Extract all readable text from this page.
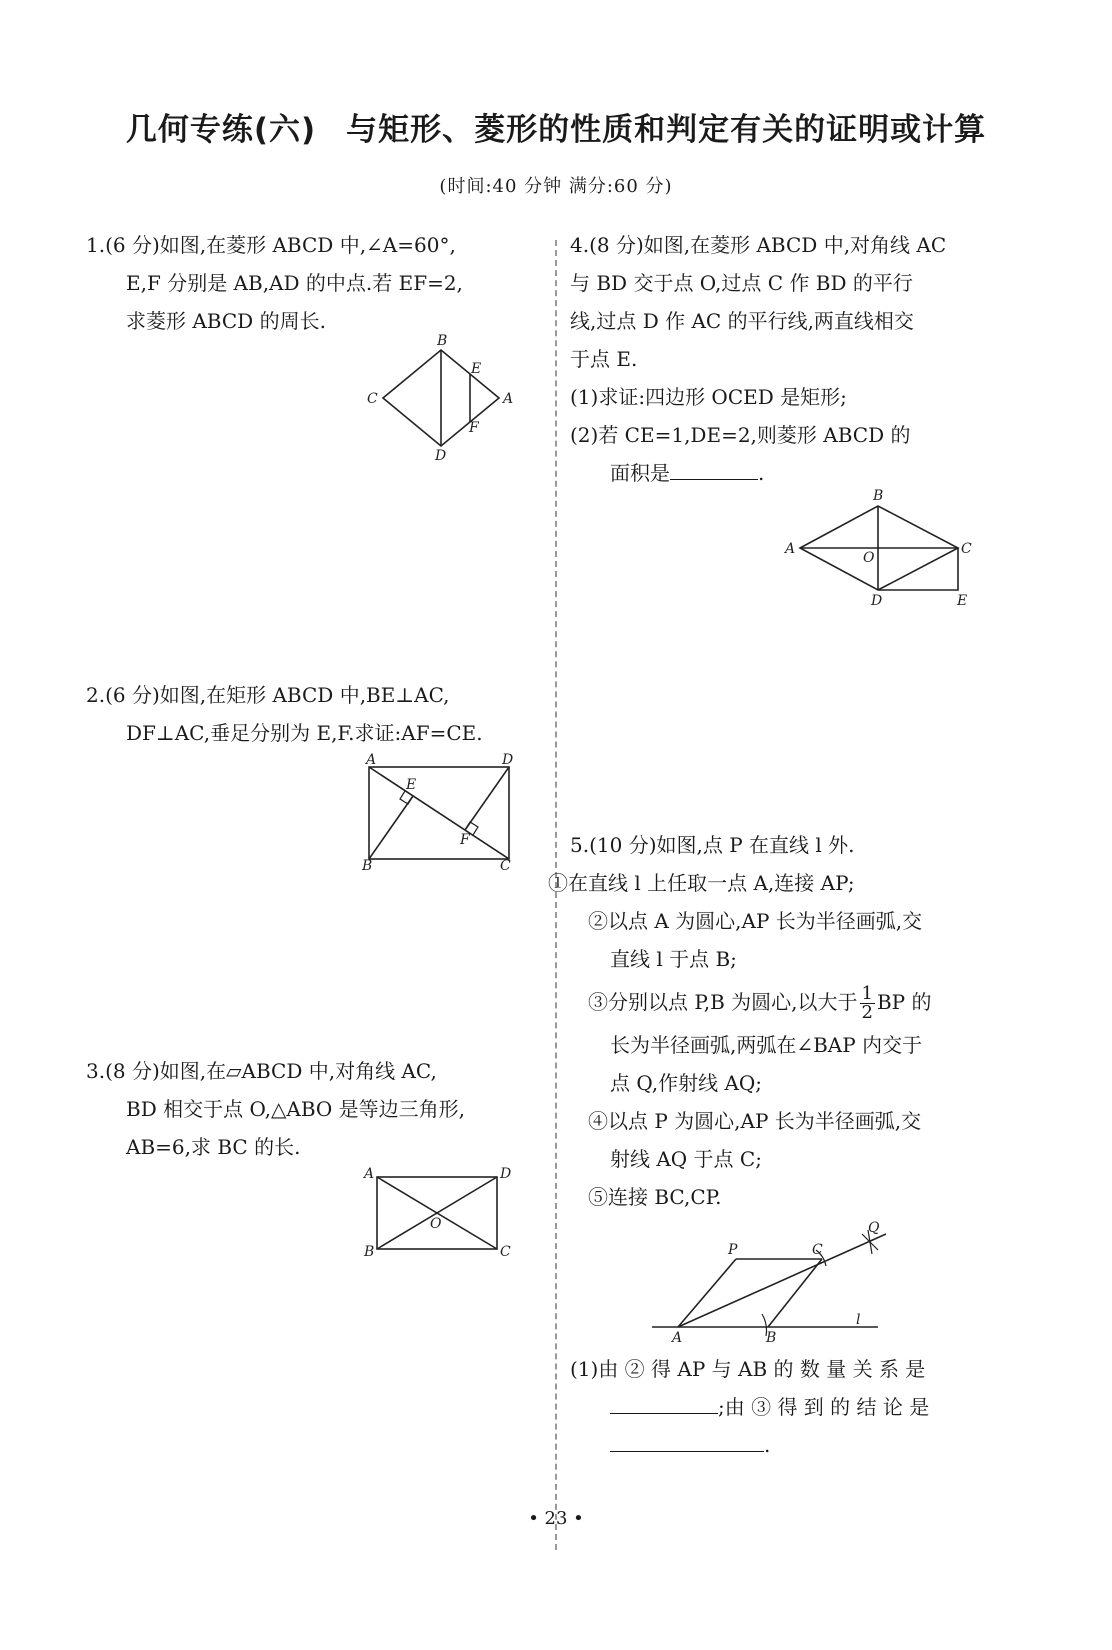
几何专练(六) 与矩形、菱形的性质和判定有关的证明或计算
(时间:40 分钟 满分:60 分)

1.(6 分)如图,在菱形 ABCD 中,∠A=60°,

E,F 分别是 AB,AD 的中点.若 EF=2,

求菱形 ABCD 的周长.

B
E
C	A
F
D

2.(6 分)如图,在矩形 ABCD 中,BE⊥AC,

DF⊥AC,垂足分别为 E,F.求证:AF=CE.

A	D
E
F
B	C

3.(8 分)如图,在▱ABCD 中,对角线 AC,

BD 相交于点 O,△ABO 是等边三角形,

AB=6,求 BC 的长.

A	D
O
B	C

4.(8 分)如图,在菱形 ABCD 中,对角线 AC

与 BD 交于点 O,过点 C 作 BD 的平行

线,过点 D 作 AC 的平行线,两直线相交

于点 E.

(1)求证:四边形 OCED 是矩形;

(2)若 CE=1,DE=2,则菱形 ABCD 的

面积是	.

B
A
O
C
D	E

5.(10 分)如图,点 P 在直线 l 外.

①在直线 l 上任取一点 A,连接 AP;

②以点 A 为圆心,AP 长为半径画弧,交

直线 l 于点 B;

③分别以点 P,B 为圆心,以大于 $\frac{1}{2}$ BP 的

长为半径画弧,两弧在∠BAP 内交于

点 Q,作射线 AQ;

④以点 P 为圆心,AP 长为半径画弧,交

射线 AQ 于点 C;

⑤连接 BC,CP.

Q
P	C
A	B
l

(1)由 ② 得 AP 与 AB 的 数 量 关 系 是

;由 ③ 得 到 的 结 论 是

.

• 23 •
